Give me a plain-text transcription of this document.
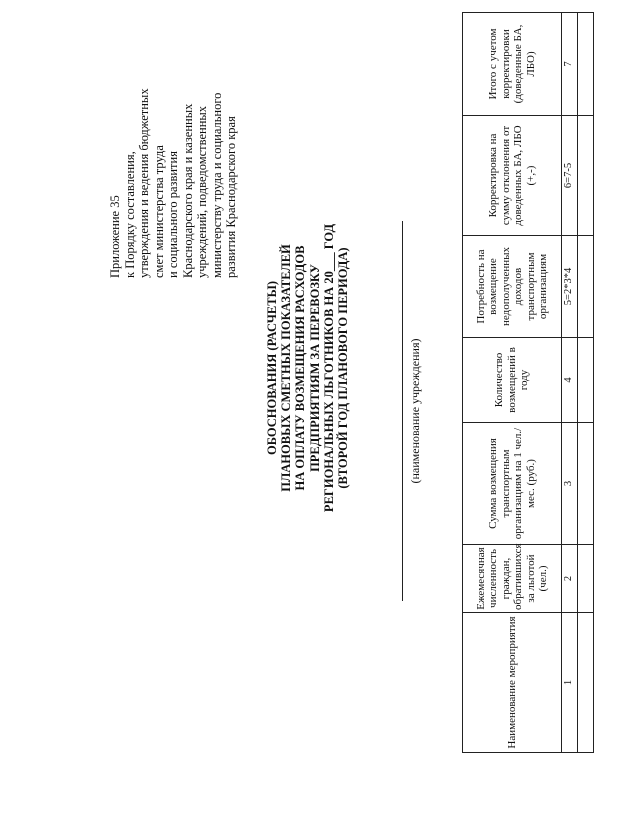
Приложение 35 к Порядку составления, утверждения и ведения бюджетных смет министерства труда и социального развития Краснодарского края и казенных учреждений, подведомственных министерству труда и социального развития Краснодарского края
ОБОСНОВАНИЯ (РАСЧЕТЫ) ПЛАНОВЫХ СМЕТНЫХ ПОКАЗАТЕЛЕЙ НА ОПЛАТУ ВОЗМЕЩЕНИЯ РАСХОДОВ ПРЕДПРИЯТИЯМ ЗА ПЕРЕВОЗКУ РЕГИОНАЛЬНЫХ ЛЬГОТНИКОВ НА 20___ ГОД (ВТОРОЙ ГОД ПЛАНОВОГО ПЕРИОДА)	(наименование учреждения)
Наименование мероприятия	Ежемесячная численность граждан, обратившихся за льготой (чел.)	Сумма возмещения транспортным организациям на 1 чел./ мес. (руб.)	Количество возмещений в году	Потребность на возмещение недополученных доходов транспортным организациям	Корректировка на сумму отклонения от доведенных БА, ЛБО (+,-)	Итого с учетом корректировки (доведенные БА, ЛБО)
1	2	3	4	5=2*3*4	6=7-5	7
